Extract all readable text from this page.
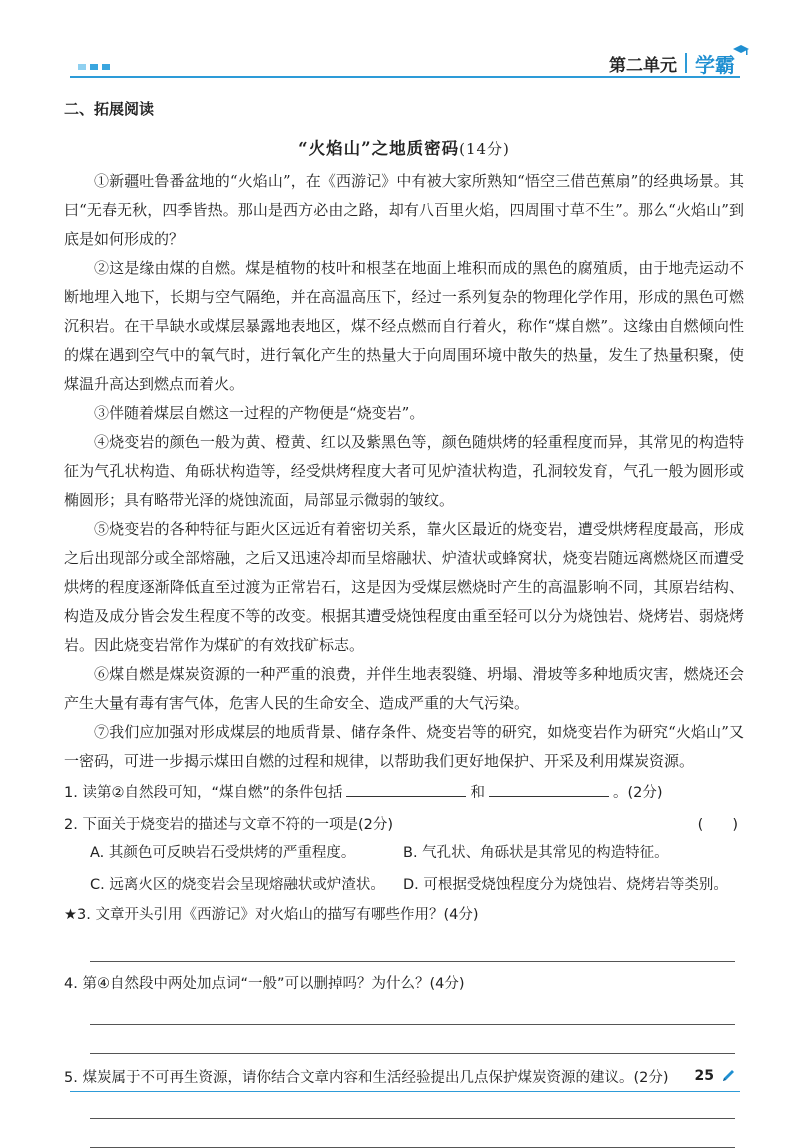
第二单元 学霸
二、拓展阅读
“火焰山”之地质密码(14分)

①新疆吐鲁番盆地的“火焰山”，在《西游记》中有被大家所熟知“悟空三借芭蕉扇”的经典场景。其曰“无春无秋，四季皆热。那山是西方必由之路，却有八百里火焰，四周围寸草不生”。那么“火焰山”到底是如何形成的？

②这是缘由煤的自燃。煤是植物的枝叶和根茎在地面上堆积而成的黑色的腐殖质，由于地壳运动不断地埋入地下，长期与空气隔绝，并在高温高压下，经过一系列复杂的物理化学作用，形成的黑色可燃沉积岩。在干旱缺水或煤层暴露地表地区，煤不经点燃而自行着火，称作“煤自燃”。这缘由自燃倾向性的煤在遇到空气中的氧气时，进行氧化产生的热量大于向周围环境中散失的热量，发生了热量积聚，使煤温升高达到燃点而着火。

③伴随着煤层自燃这一过程的产物便是“烧变岩”。

④烧变岩的颜色一般为黄、橙黄、红以及紫黑色等，颜色随烘烤的轻重程度而异，其常见的构造特征为气孔状构造、角砾状构造等，经受烘烤程度大者可见炉渣状构造，孔洞较发育，气孔一般为圆形或椭圆形；具有略带光泽的烧蚀流面，局部显示微弱的皱纹。

⑤烧变岩的各种特征与距火区远近有着密切关系，靠火区最近的烧变岩，遭受烘烤程度最高，形成之后出现部分或全部熔融，之后又迅速冷却而呈熔融状、炉渣状或蜂窝状，烧变岩随远离燃烧区而遭受烘烤的程度逐渐降低直至过渡为正常岩石，这是因为受煤层燃烧时产生的高温影响不同，其原岩结构、构造及成分皆会发生程度不等的改变。根据其遭受烧蚀程度由重至轻可以分为烧蚀岩、烧烤岩、弱烧烤岩。因此烧变岩常作为煤矿的有效找矿标志。

⑥煤自燃是煤炭资源的一种严重的浪费，并伴生地表裂缝、坍塌、滑坡等多种地质灾害，燃烧还会产生大量有毒有害气体，危害人民的生命安全、造成严重的大气污染。

⑦我们应加强对形成煤层的地质背景、储存条件、烧变岩等的研究，如烧变岩作为研究“火焰山”又一密码，可进一步揭示煤田自燃的过程和规律，以帮助我们更好地保护、开采及利用煤炭资源。

1. 读第②自然段可知，“煤自燃”的条件包括	和	。(2分)
2. 下面关于烧变岩的描述与文章不符的一项是(2分)	(　　)
A. 其颜色可反映岩石受烘烤的严重程度。	B. 气孔状、角砾状是其常见的构造特征。
C. 远离火区的烧变岩会呈现熔融状或炉渣状。	D. 可根据受烧蚀程度分为烧蚀岩、烧烤岩等类别。
★3. 文章开头引用《西游记》对火焰山的描写有哪些作用？(4分)
4. 第④自然段中两处加点词“一般”可以删掉吗？为什么？(4分)
5. 煤炭属于不可再生资源，请你结合文章内容和生活经验提出几点保护煤炭资源的建议。(2分)	25
